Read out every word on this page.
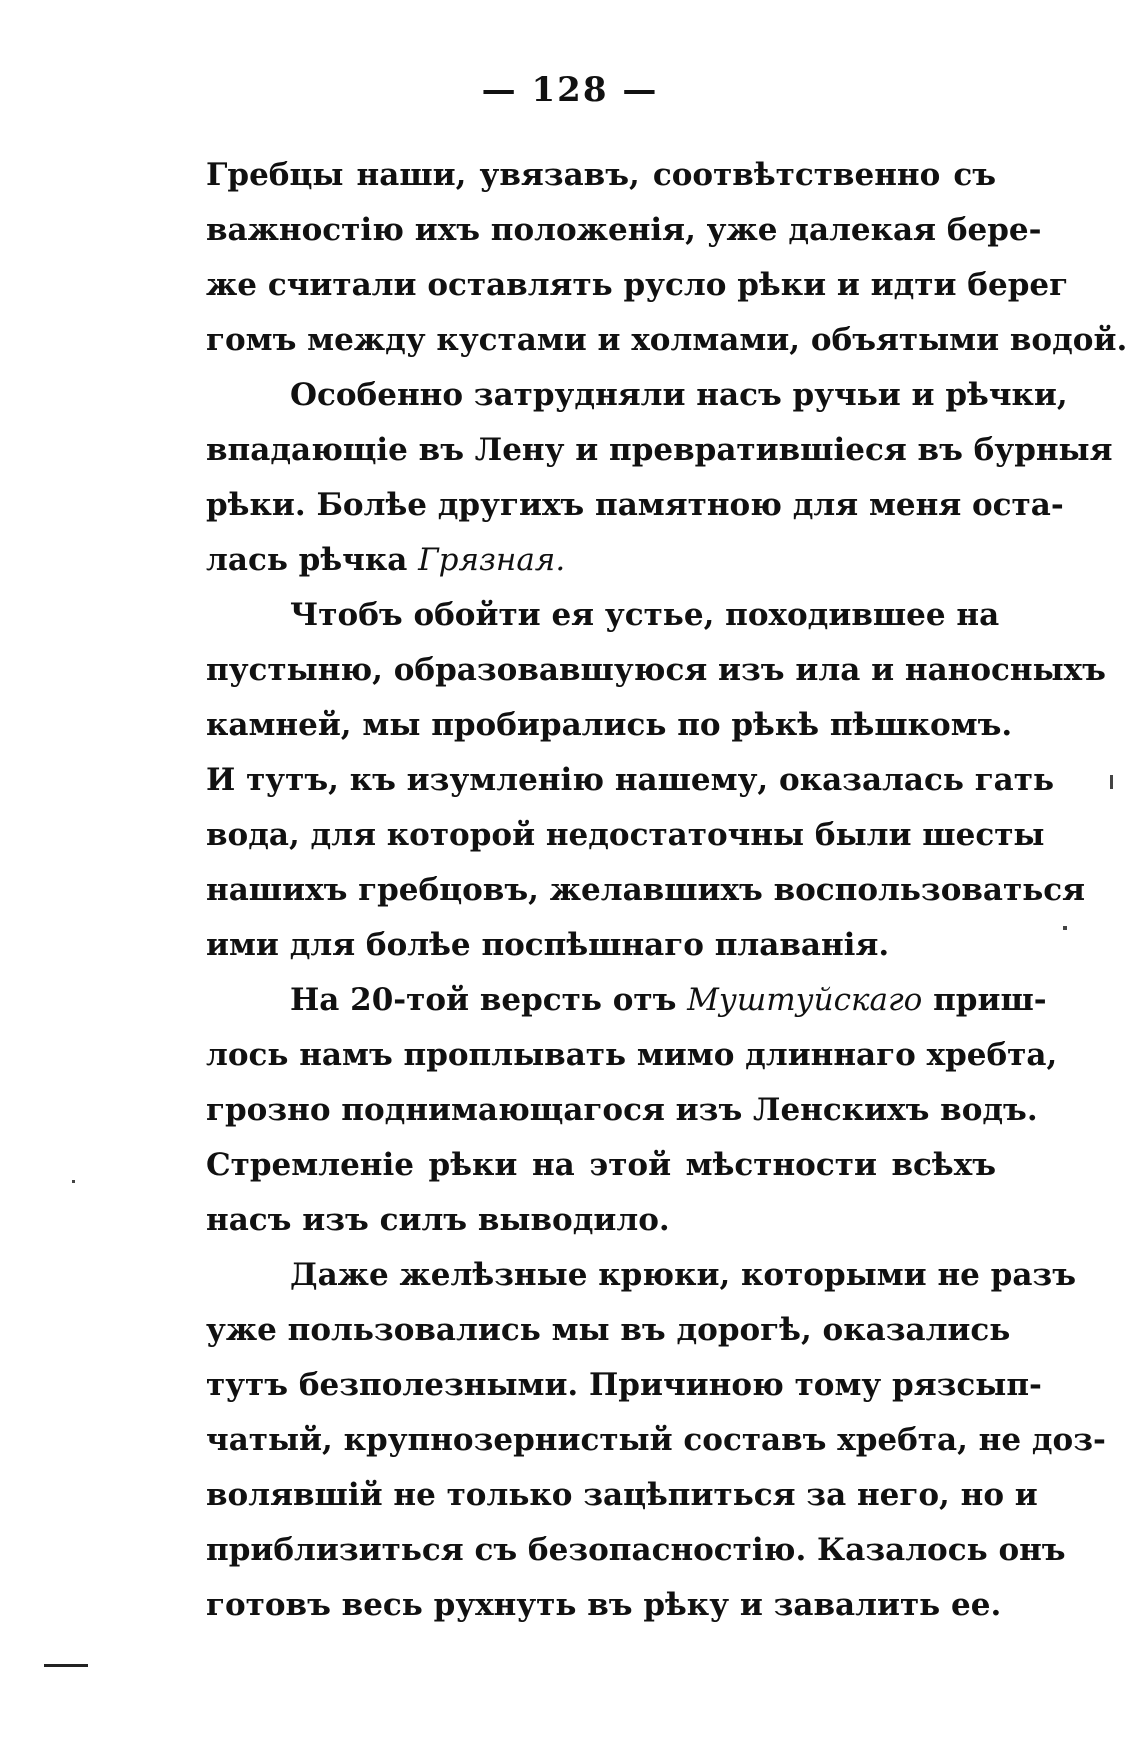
— 128 —
Гребцы наши, увязавъ, соотвѣтственно съ
важностію ихъ положенія, уже далекая бере-
же считали оставлять русло рѣки и идти берег
гомъ между кустами и холмами, объятыми водой.
Особенно затрудняли насъ ручьи и рѣчки,
впадающіе въ Лену и превратившіеся въ бурныя
рѣки. Болѣе другихъ памятною для меня оста-
лась рѣчка Грязная.
Чтобъ обойти ея устье, походившее на
пустыню, образовавшуюся изъ ила и наносныхъ
камней, мы пробирались по рѣкѣ пѣшкомъ.
И тутъ, къ изумленію нашему, оказалась гать
вода, для которой недостаточны были шесты
нашихъ гребцовъ, желавшихъ воспользоваться
ими для болѣе поспѣшнаго плаванія.
На 20-той версть отъ Муштуйскаго приш-
лось намъ проплывать мимо длиннаго хребта,
грозно поднимающагося изъ Ленскихъ водъ.
Стремленіе рѣки на этой мѣстности всѣхъ
насъ изъ силъ выводило.
Даже желѣзные крюки, которыми не разъ
уже пользовались мы въ дорогѣ, оказались
тутъ безполезными. Причиною тому рязсып-
чатый, крупнозернистый составъ хребта, не доз-
волявшій не только зацѣпиться за него, но и
приблизиться съ безопасностію. Казалось онъ
готовъ весь рухнуть въ рѣку и завалить ее.
